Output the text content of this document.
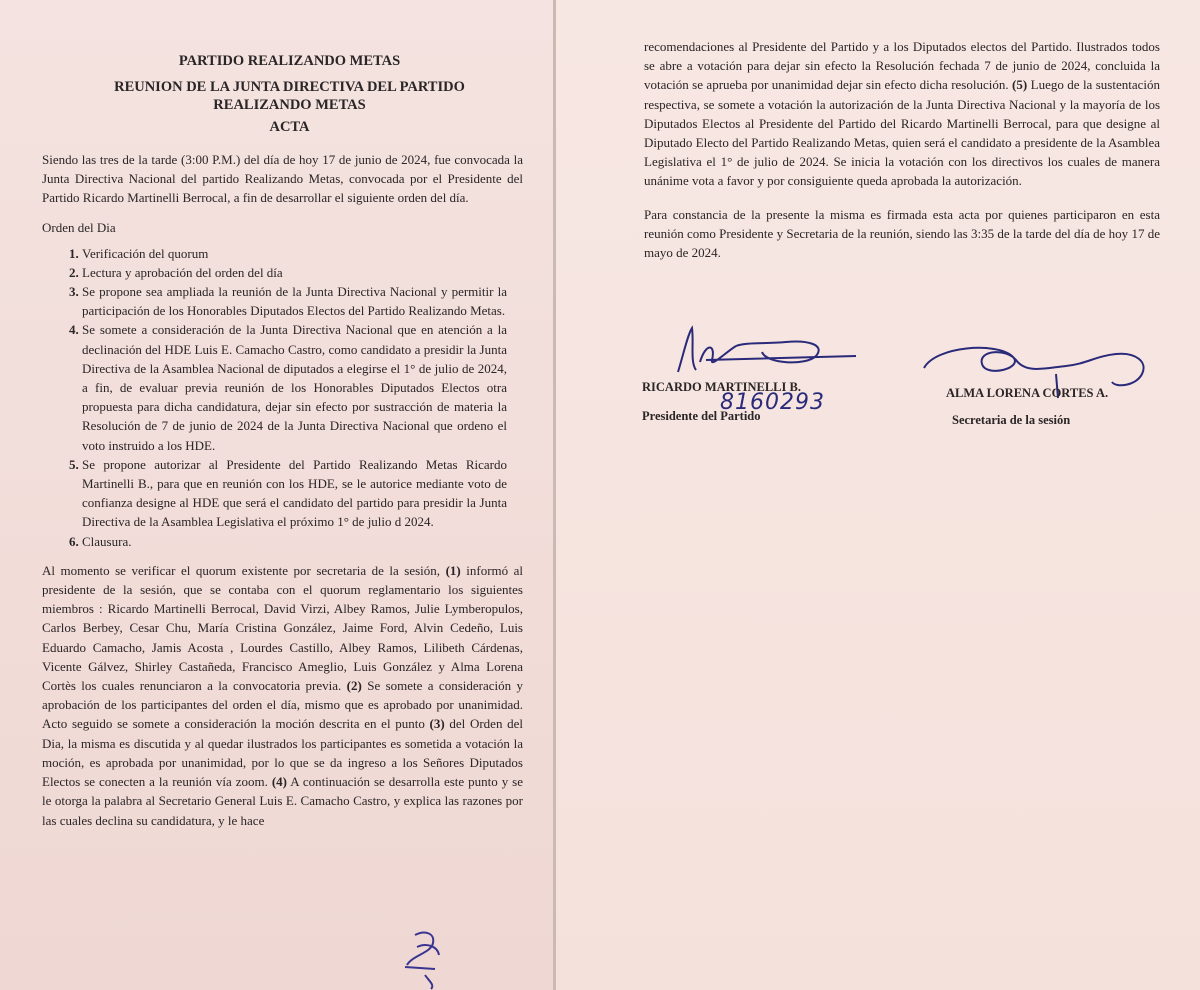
PARTIDO REALIZANDO METAS

REUNION DE LA JUNTA DIRECTIVA DEL PARTIDO

REALIZANDO METAS

ACTA

Siendo las tres de la tarde (3:00 P.M.) del día de hoy 17 de junio de 2024, fue convocada la Junta Directiva Nacional del partido Realizando Metas, convocada por el Presidente del Partido Ricardo Martinelli Berrocal, a fin de desarrollar el siguiente orden del día.

Orden del Dia

1. Verificación del quorum
2. Lectura y aprobación del orden del día
3. Se propone sea ampliada la reunión de la Junta Directiva Nacional y permitir la participación de los Honorables Diputados Electos del Partido Realizando Metas.
4. Se somete a consideración de la Junta Directiva Nacional que en atención a la declinación del HDE Luis E. Camacho Castro, como candidato a presidir la Junta Directiva de la Asamblea Nacional de diputados a elegirse el 1° de julio de 2024, a fin, de evaluar previa reunión de los Honorables Diputados Electos otra propuesta para dicha candidatura, dejar sin efecto por sustracción de materia la Resolución de 7 de junio de 2024 de la Junta Directiva Nacional que ordeno el voto instruido a los HDE.
5. Se propone autorizar al Presidente del Partido Realizando Metas Ricardo Martinelli B., para que en reunión con los HDE, se le autorice mediante voto de confianza designe al HDE que será el candidato del partido para presidir la Junta Directiva de la Asamblea Legislativa el próximo 1° de julio d 2024.
6. Clausura.

Al momento se verificar el quorum existente por secretaria de la sesión, (1) informó al presidente de la sesión, que se contaba con el quorum reglamentario los siguientes miembros : Ricardo Martinelli Berrocal, David Virzi, Albey Ramos, Julie Lymberopulos, Carlos Berbey, Cesar Chu, María Cristina González, Jaime Ford, Alvin Cedeño, Luis Eduardo Camacho, Jamis Acosta , Lourdes Castillo, Albey Ramos, Lilibeth Cárdenas, Vicente Gálvez, Shirley Castañeda, Francisco Ameglio, Luis González y Alma Lorena Cortès los cuales renunciaron a la convocatoria previa. (2) Se somete a consideración y aprobación de los participantes del orden el día, mismo que es aprobado por unanimidad. Acto seguido se somete a consideración la moción descrita en el punto (3) del Orden del Dia, la misma es discutida y al quedar ilustrados los participantes es sometida a votación la moción, es aprobada por unanimidad, por lo que se da ingreso a los Señores Diputados Electos se conecten a la reunión vía zoom. (4) A continuación se desarrolla este punto y se le otorga la palabra al Secretario General Luis E. Camacho Castro, y explica las razones por las cuales declina su candidatura, y le hace

recomendaciones al Presidente del Partido y a los Diputados electos del Partido. Ilustrados todos se abre a votación para dejar sin efecto la Resolución fechada 7 de junio de 2024, concluida la votación se aprueba por unanimidad dejar sin efecto dicha resolución. (5) Luego de la sustentación respectiva, se somete a votación la autorización de la Junta Directiva Nacional y la mayoría de los Diputados Electos al Presidente del Partido del Ricardo Martinelli Berrocal, para que designe al Diputado Electo del Partido Realizando Metas, quien será el candidato a presidente de la Asamblea Legislativa el 1° de julio de 2024. Se inicia la votación con los directivos los cuales de manera unánime vota a favor y por consiguiente queda aprobada la autorización.

Para constancia de la presente la misma es firmada esta acta por quienes participaron en esta reunión como Presidente y Secretaria de la reunión, siendo las 3:35 de la tarde del día de hoy 17 de mayo de 2024.

RICARDO MARTINELLI B.
8160293
Presidente del Partido
ALMA LORENA CORTES A.
Secretaria de la sesión
